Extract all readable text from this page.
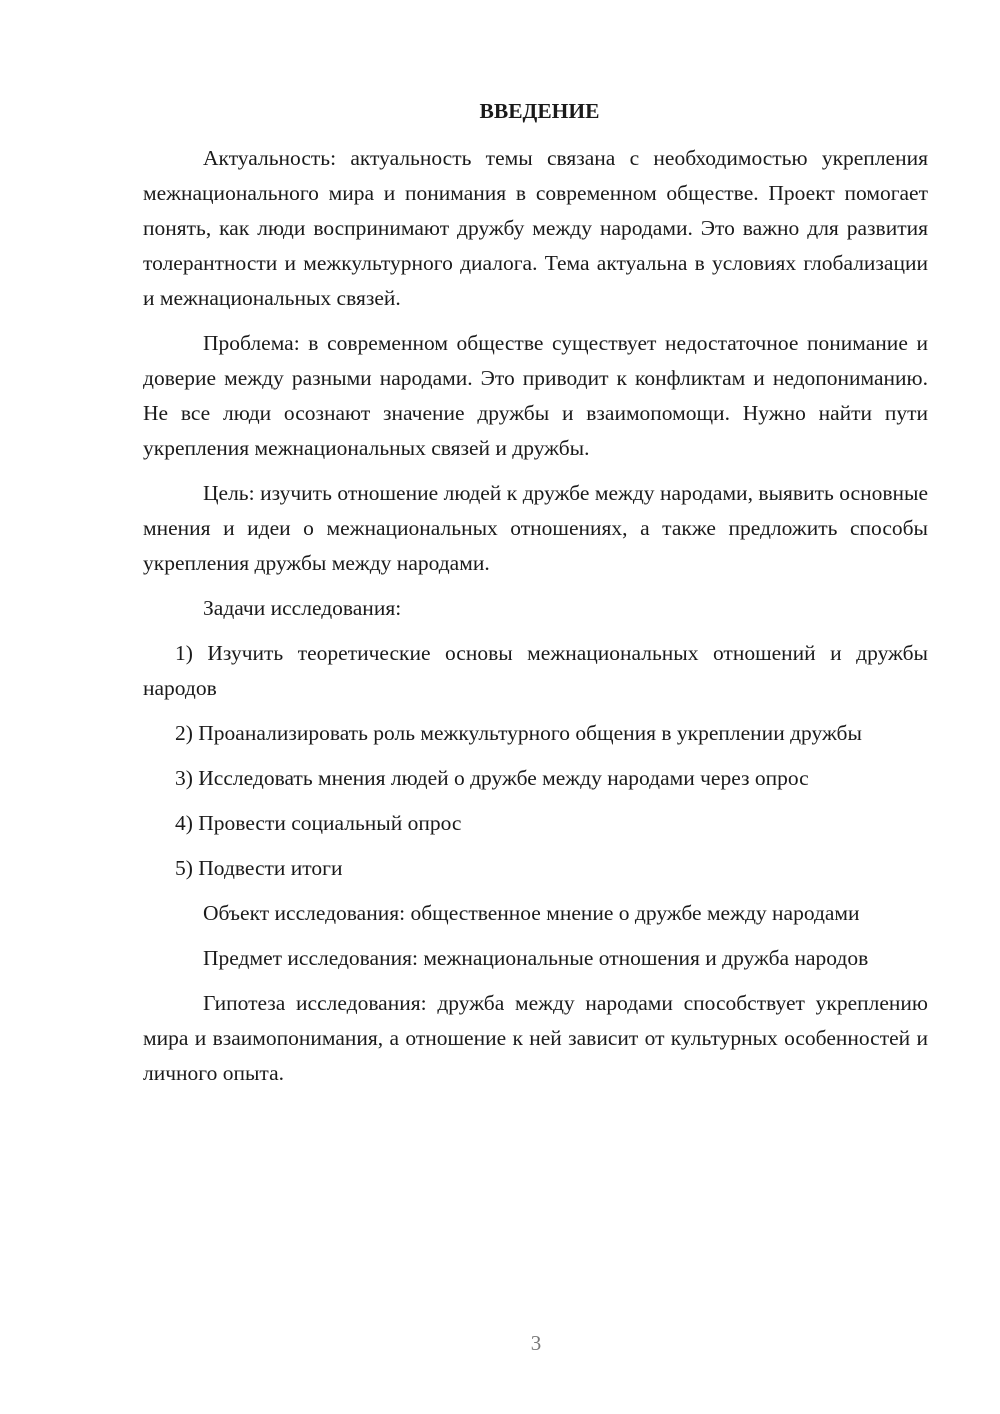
ВВЕДЕНИЕ

Актуальность: актуальность темы связана с необходимостью укрепления межнационального мира и понимания в современном обществе. Проект помогает понять, как люди воспринимают дружбу между народами. Это важно для развития толерантности и межкультурного диалога. Тема актуальна в условиях глобализации и межнациональных связей.

Проблема: в современном обществе существует недостаточное понимание и доверие между разными народами. Это приводит к конфликтам и недопониманию. Не все люди осознают значение дружбы и взаимопомощи. Нужно найти пути укрепления межнациональных связей и дружбы.

Цель: изучить отношение людей к дружбе между народами, выявить основные мнения и идеи о межнациональных отношениях, а также предложить способы укрепления дружбы между народами.

Задачи исследования:

1) Изучить теоретические основы межнациональных отношений и дружбы народов

2) Проанализировать роль межкультурного общения в укреплении дружбы

3) Исследовать мнения людей о дружбе между народами через опрос

4) Провести социальный опрос

5) Подвести итоги

Объект исследования: общественное мнение о дружбе между народами

Предмет исследования: межнациональные отношения и дружба народов

Гипотеза исследования: дружба между народами способствует укреплению мира и взаимопонимания, а отношение к ней зависит от культурных особенностей и личного опыта.

3
